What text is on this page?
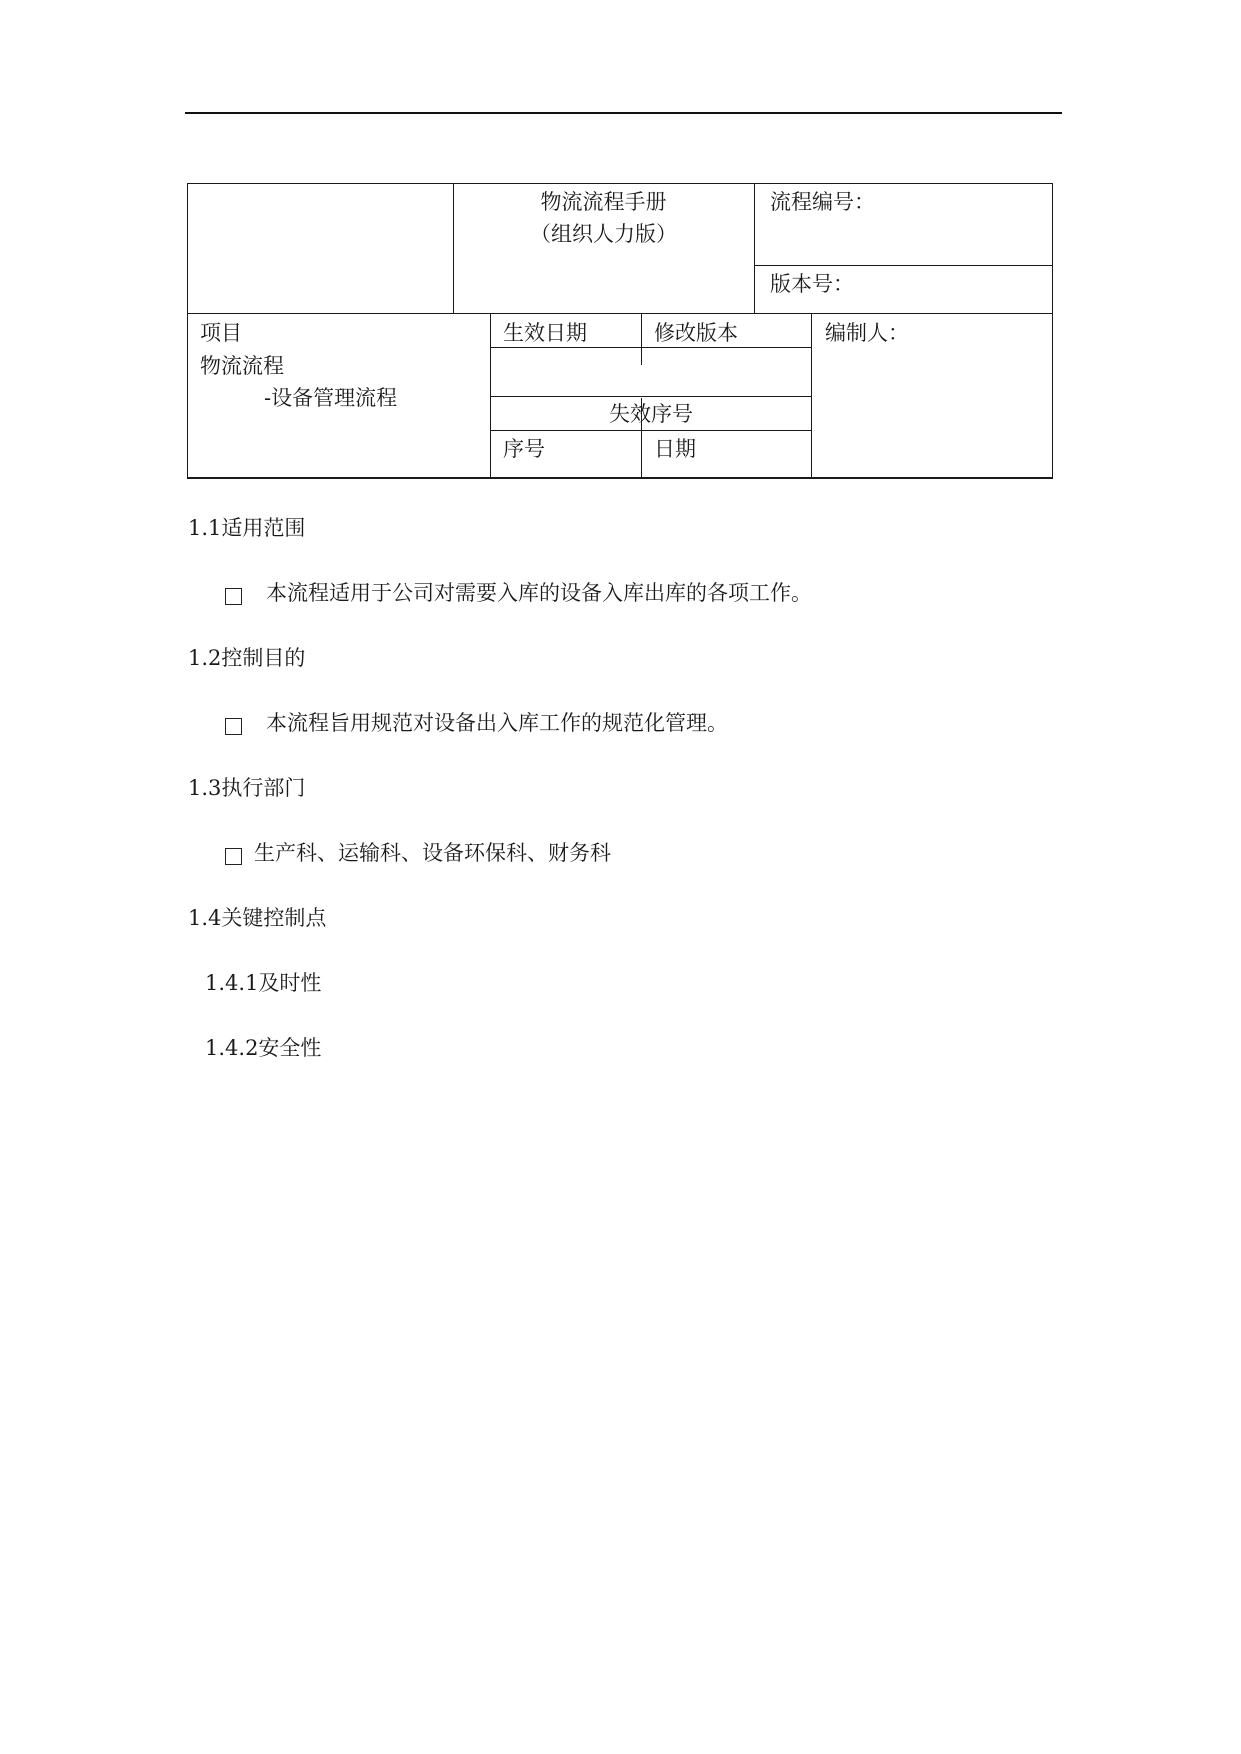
物流流程手册
（组织人力版）
流程编号：
版本号：
项目
物流流程
-设备管理流程
生效日期	修改版本
失效序号
序号	日期
编制人：
1.1适用范围
本流程适用于公司对需要入库的设备入库出库的各项工作。
1.2控制目的
本流程旨用规范对设备出入库工作的规范化管理。
1.3执行部门
生产科、运输科、设备环保科、财务科
1.4关键控制点
1.4.1及时性
1.4.2安全性
